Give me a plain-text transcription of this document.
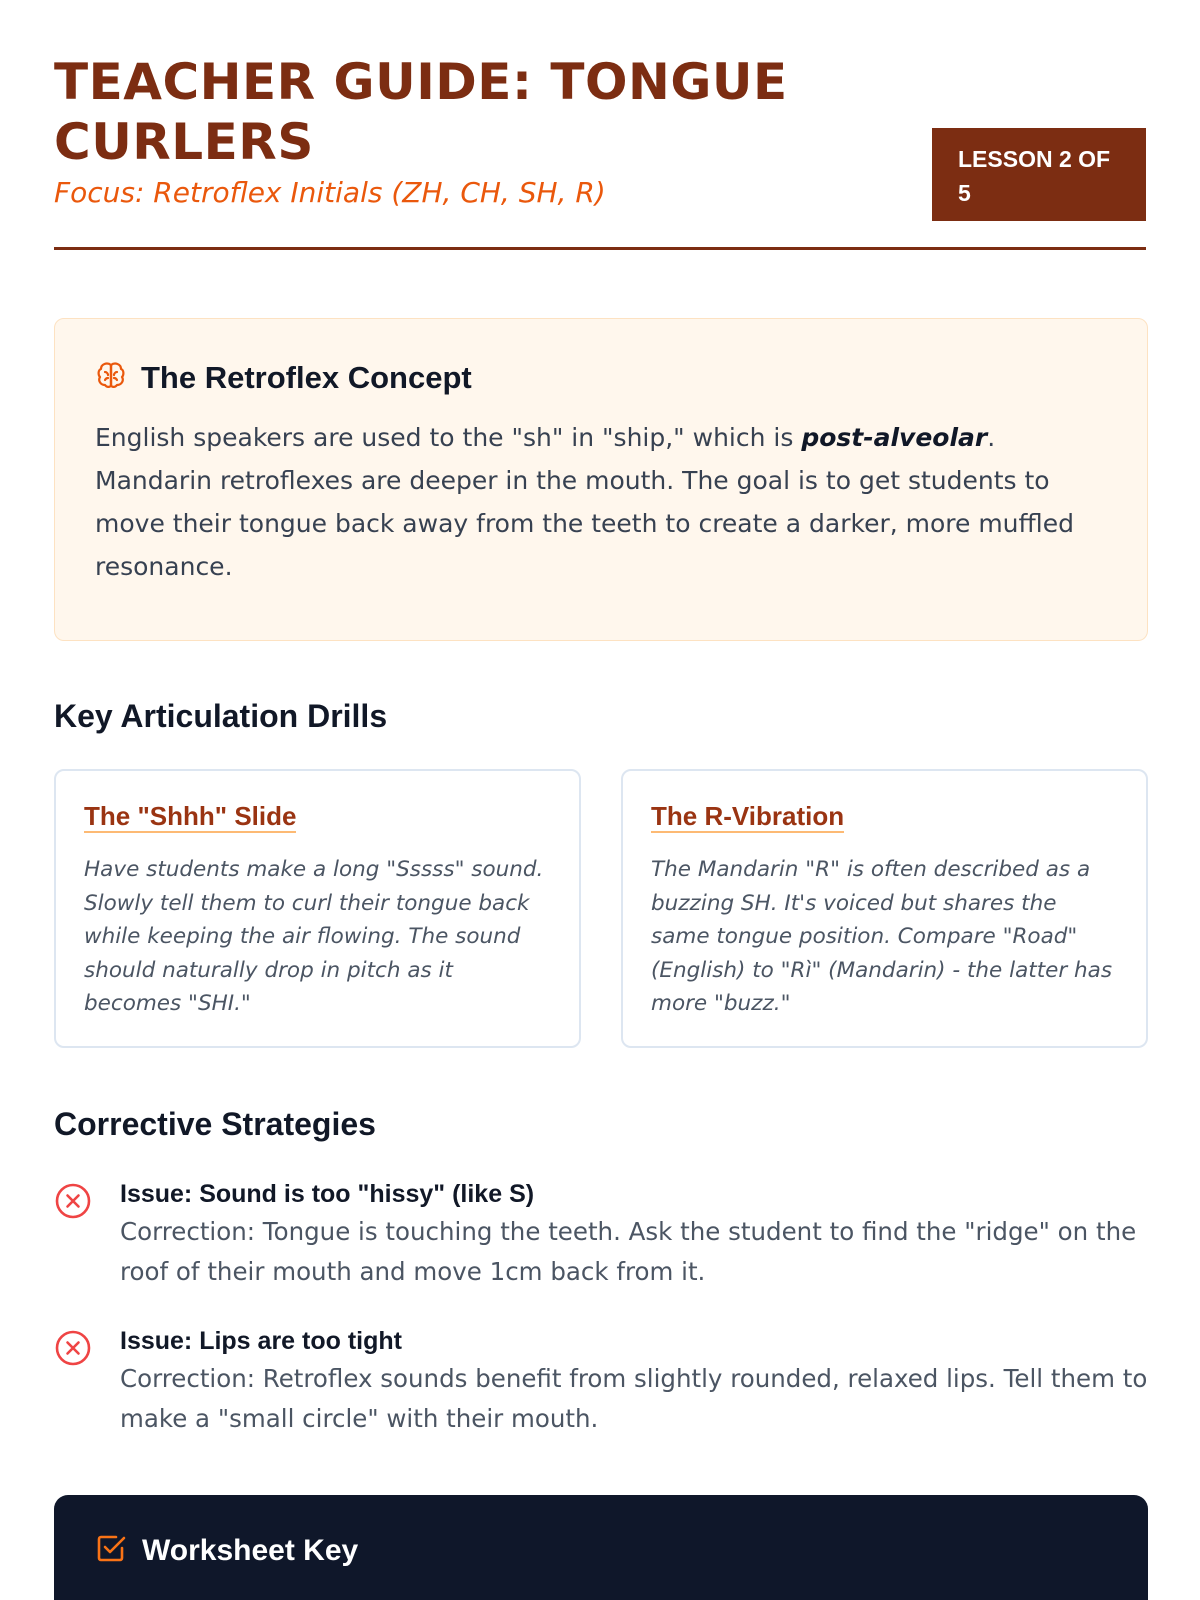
TEACHER GUIDE: TONGUE CURLERS
Focus: Retroflex Initials (ZH, CH, SH, R)
LESSON 2 OF 5
The Retroflex Concept

English speakers are used to the "sh" in "ship," which is post-alveolar. Mandarin retroflexes are deeper in the mouth. The goal is to get students to move their tongue back away from the teeth to create a darker, more muffled resonance.

Key Articulation Drills
The "Shhh" Slide

Have students make a long "Sssss" sound. Slowly tell them to curl their tongue back while keeping the air flowing. The sound should naturally drop in pitch as it becomes "SHI."

The R-Vibration

The Mandarin "R" is often described as a buzzing SH. It's voiced but shares the same tongue position. Compare "Road" (English) to "Rì" (Mandarin) - the latter has more "buzz."

Corrective Strategies
Issue: Sound is too "hissy" (like S)
Correction: Tongue is touching the teeth. Ask the student to find the "ridge" on the roof of their mouth and move 1cm back from it.
Issue: Lips are too tight
Correction: Retroflex sounds benefit from slightly rounded, relaxed lips. Tell them to make a "small circle" with their mouth.
Worksheet Key
